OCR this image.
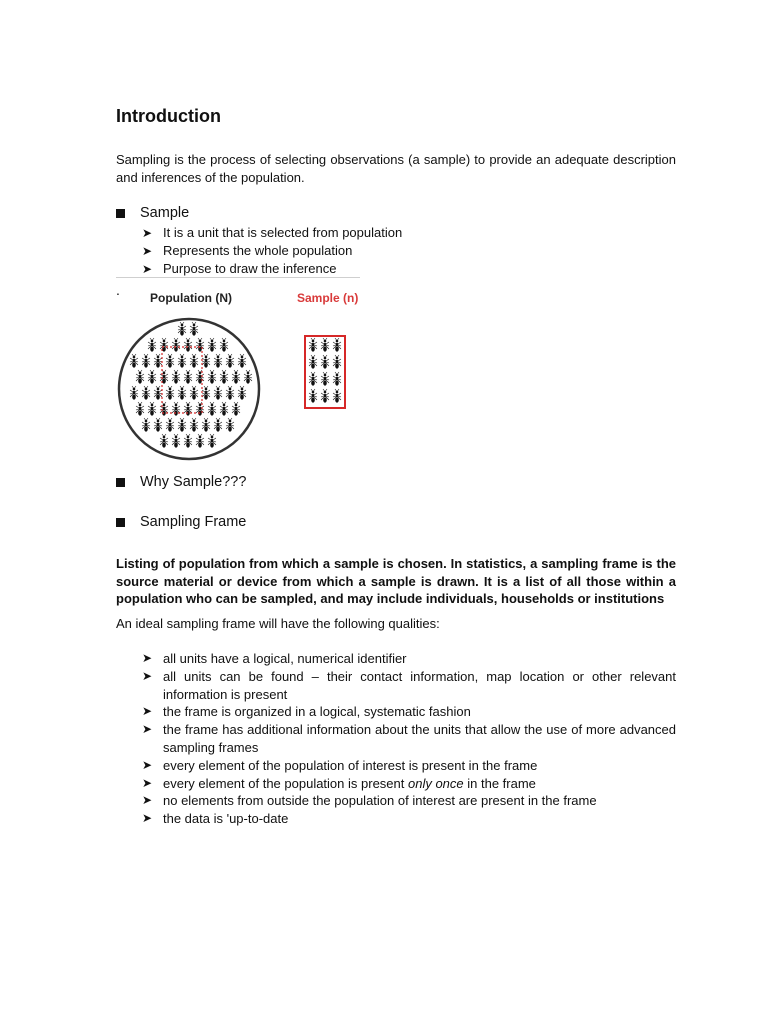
Introduction

Sampling is the process of selecting observations (a sample) to provide an adequate description and inferences of the population.

Sample
➤ It is a unit that is selected from population
➤ Represents the whole population
➤ Purpose to draw the inference
.	Population (N)	Sample (n)
Why Sample???
Sampling Frame

Listing of population from which a sample is chosen. In statistics, a sampling frame is the source material or device from which a sample is drawn. It is a list of all those within a population who can be sampled, and may include individuals, households or institutions

An ideal sampling frame will have the following qualities:

➤ all units have a logical, numerical identifier
➤ all units can be found – their contact information, map location or other relevant information is present
➤ the frame is organized in a logical, systematic fashion
➤ the frame has additional information about the units that allow the use of more advanced sampling frames
➤ every element of the population of interest is present in the frame
➤ every element of the population is present only once in the frame
➤ no elements from outside the population of interest are present in the frame
➤ the data is 'up-to-date
